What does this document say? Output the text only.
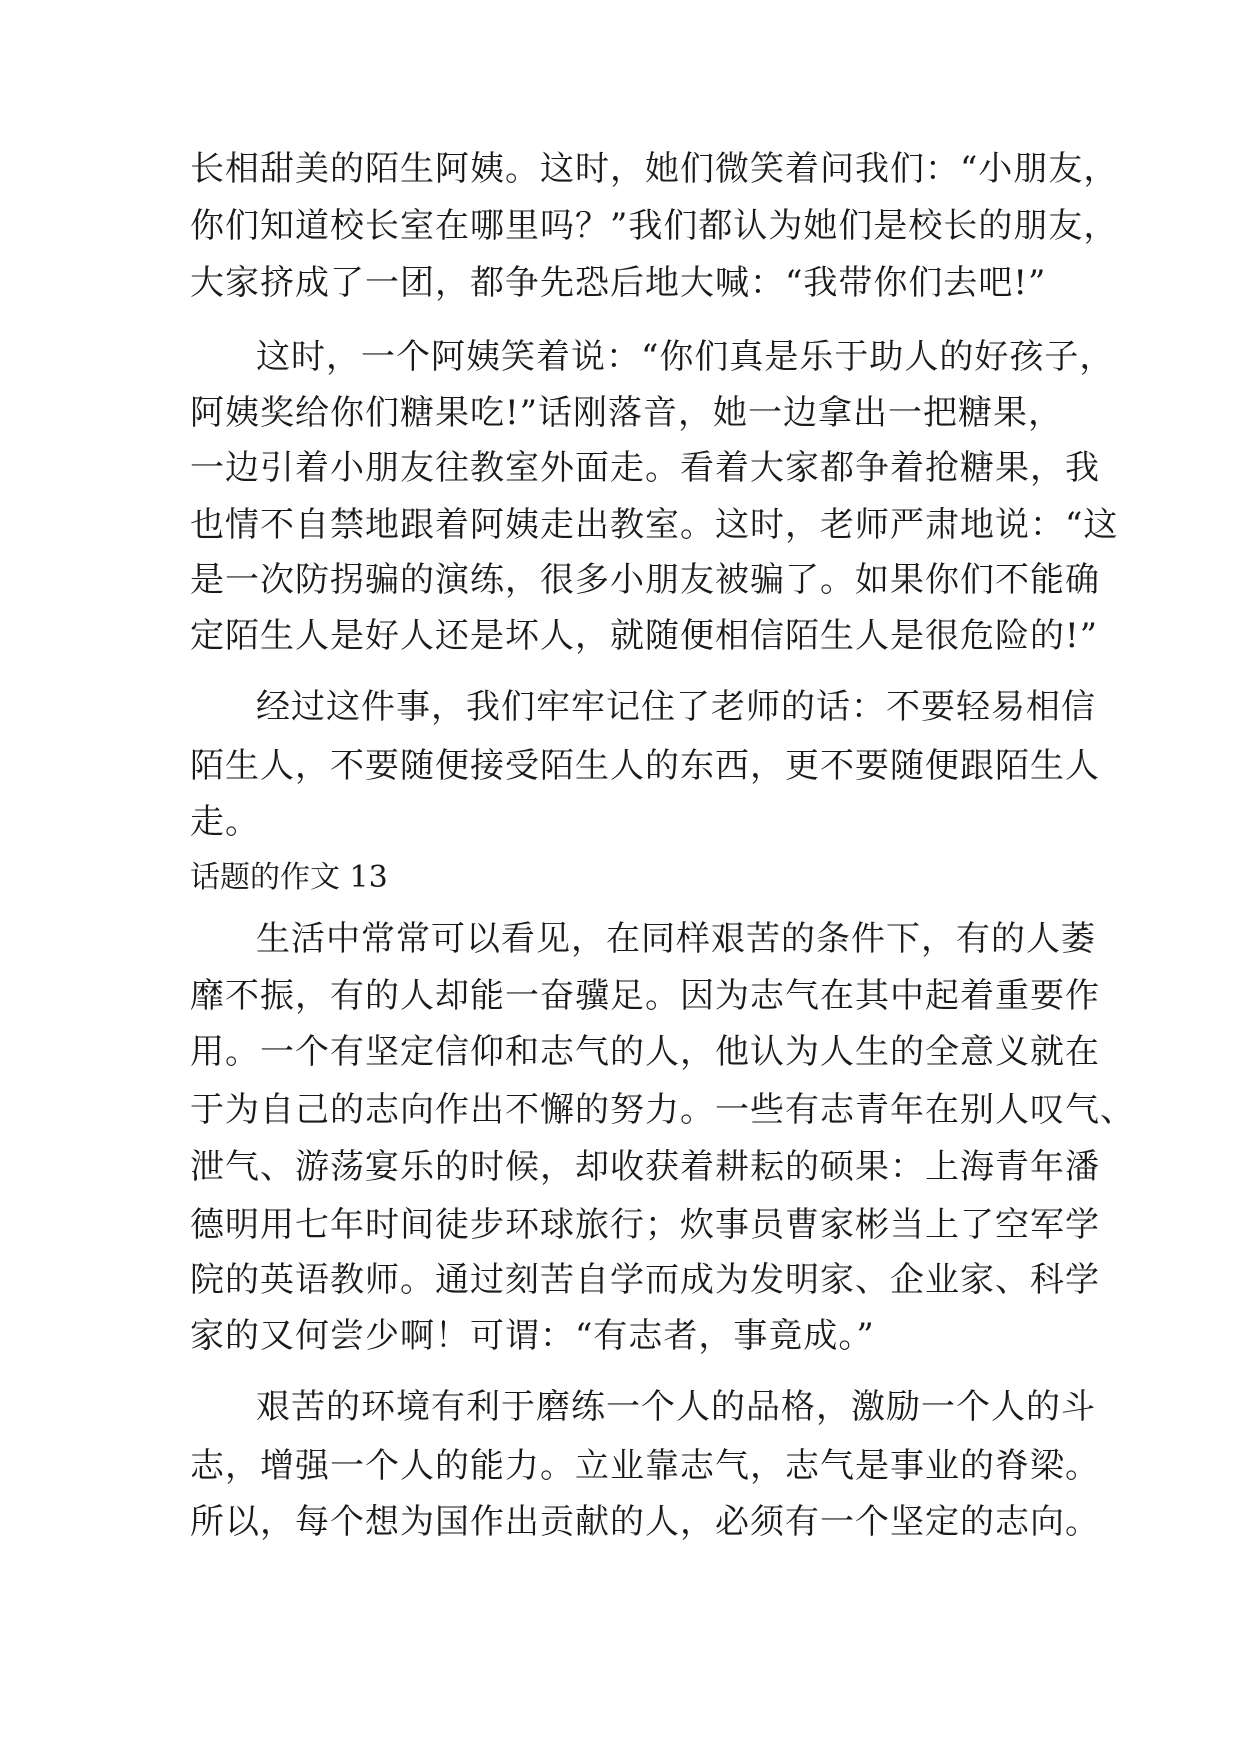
长相甜美的陌生阿姨。这时，她们微笑着问我们：“小朋友，
你们知道校长室在哪里吗？”我们都认为她们是校长的朋友，
大家挤成了一团，都争先恐后地大喊：“我带你们去吧!”
这时，一个阿姨笑着说：“你们真是乐于助人的好孩子，
阿姨奖给你们糖果吃!”话刚落音，她一边拿出一把糖果，
一边引着小朋友往教室外面走。看着大家都争着抢糖果，我
也情不自禁地跟着阿姨走出教室。这时，老师严肃地说：“这
是一次防拐骗的演练，很多小朋友被骗了。如果你们不能确
定陌生人是好人还是坏人，就随便相信陌生人是很危险的!”
经过这件事，我们牢牢记住了老师的话：不要轻易相信
陌生人，不要随便接受陌生人的东西，更不要随便跟陌生人
走。
话题的作文 13
生活中常常可以看见，在同样艰苦的条件下，有的人萎
靡不振，有的人却能一奋骥足。因为志气在其中起着重要作
用。一个有坚定信仰和志气的人，他认为人生的全意义就在
于为自己的志向作出不懈的努力。一些有志青年在别人叹气、
泄气、游荡宴乐的时候，却收获着耕耘的硕果：上海青年潘
德明用七年时间徒步环球旅行；炊事员曹家彬当上了空军学
院的英语教师。通过刻苦自学而成为发明家、企业家、科学
家的又何尝少啊！可谓：“有志者，事竟成。”
艰苦的环境有利于磨练一个人的品格，激励一个人的斗
志，增强一个人的能力。立业靠志气，志气是事业的脊梁。
所以，每个想为国作出贡献的人，必须有一个坚定的志向。
